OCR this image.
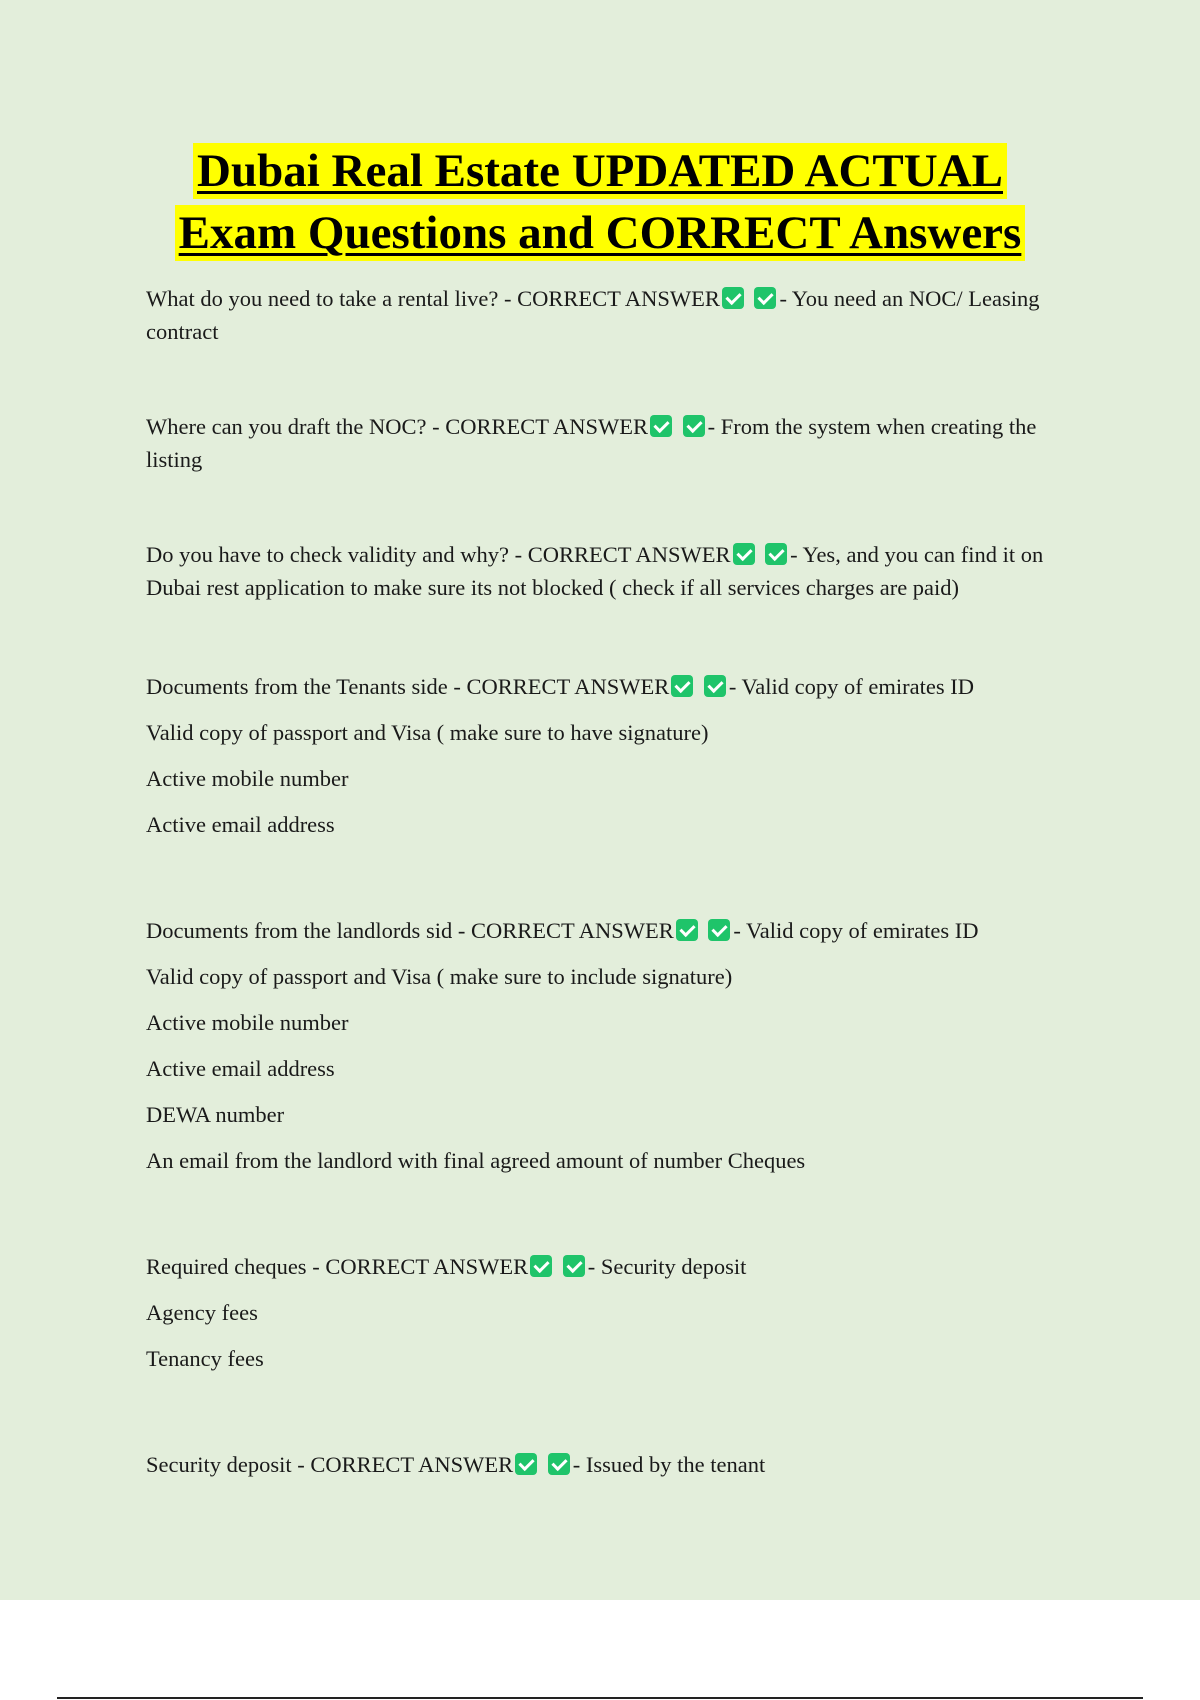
Dubai Real Estate UPDATED ACTUAL
Exam Questions and CORRECT Answers
What do you need to take a rental live? - CORRECT ANSWER	- You need an NOC/ Leasing contract
Where can you draft the NOC? - CORRECT ANSWER	- From the system when creating the listing
Do you have to check validity and why? - CORRECT ANSWER	- Yes, and you can find it on Dubai rest application to make sure its not blocked ( check if all services charges are paid)
Documents from the Tenants side - CORRECT ANSWER	- Valid copy of emirates ID
Valid copy of passport and Visa ( make sure to have signature)
Active mobile number
Active email address
Documents from the landlords sid - CORRECT ANSWER	- Valid copy of emirates ID
Valid copy of passport and Visa ( make sure to include signature)
Active mobile number
Active email address
DEWA number
An email from the landlord with final agreed amount of number Cheques
Required cheques - CORRECT ANSWER	- Security deposit
Agency fees
Tenancy fees
Security deposit - CORRECT ANSWER	- Issued by the tenant
